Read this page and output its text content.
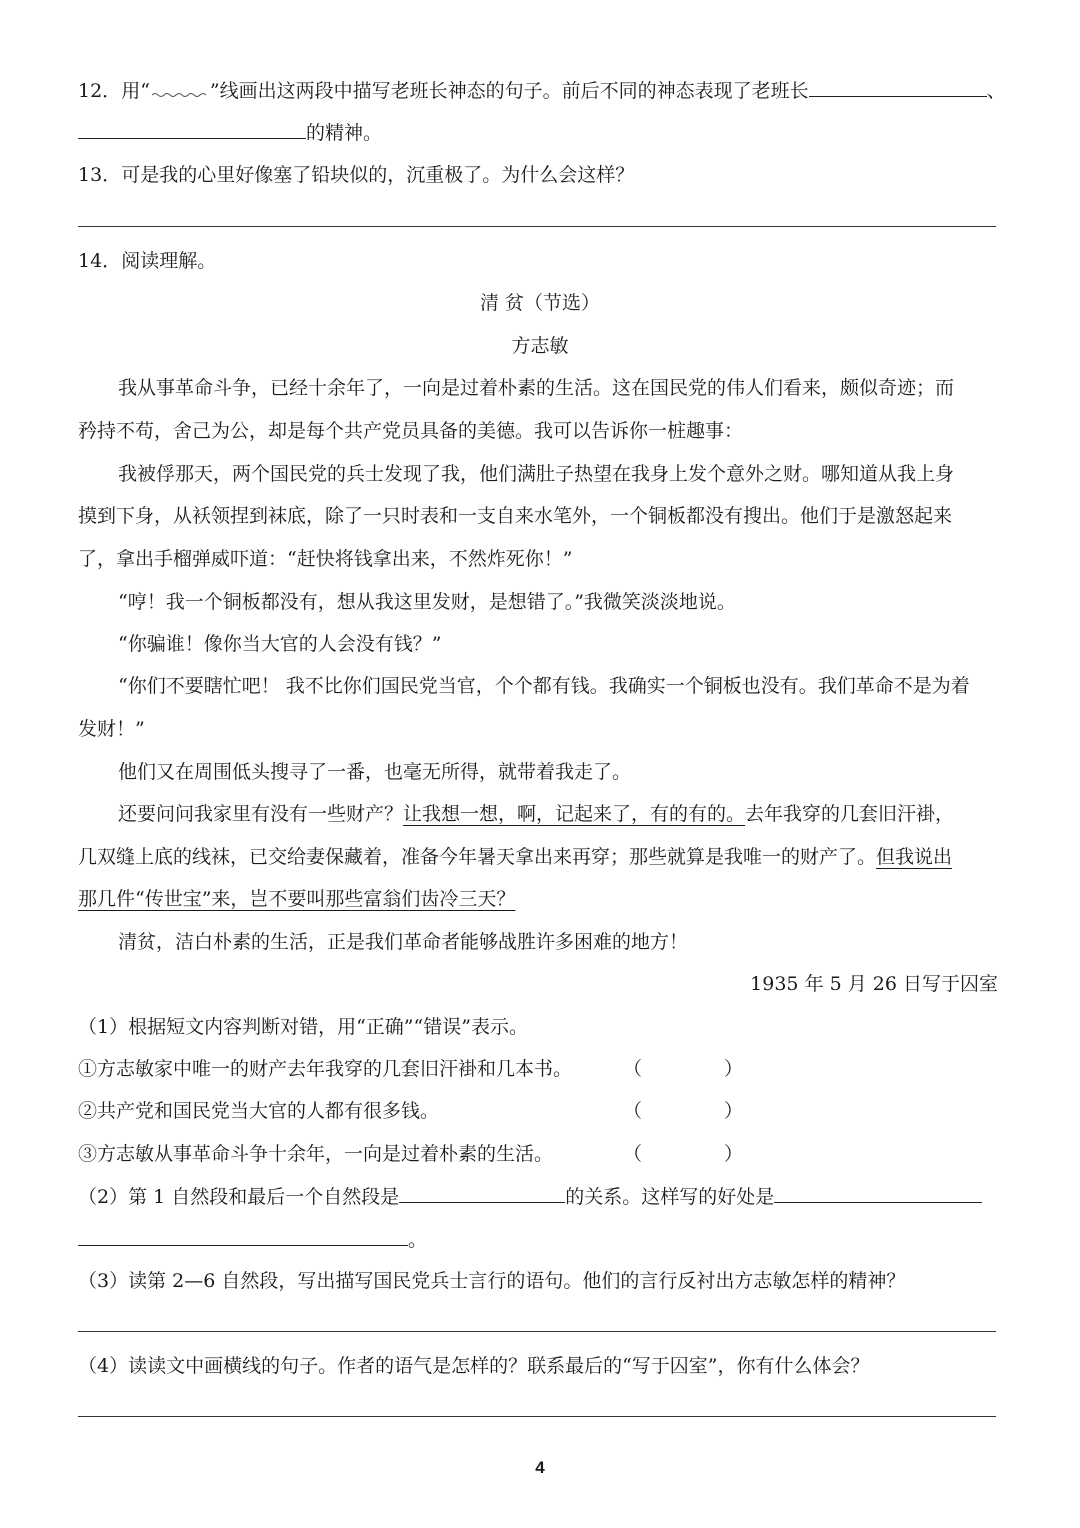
12．用“	”线画出这两段中描写老班长神态的句子。前后不同的神态表现了老班长	、
的精神。
13．可是我的心里好像塞了铅块似的，沉重极了。为什么会这样？
14．阅读理解。
清 贫（节选）
方志敏
我从事革命斗争，已经十余年了，一向是过着朴素的生活。这在国民党的伟人们看来，颇似奇迹；而
矜持不苟，舍己为公，却是每个共产党员具备的美德。我可以告诉你一桩趣事：
我被俘那天，两个国民党的兵士发现了我，他们满肚子热望在我身上发个意外之财。哪知道从我上身
摸到下身，从袄领捏到袜底，除了一只时表和一支自来水笔外，一个铜板都没有搜出。他们于是激怒起来
了，拿出手榴弹威吓道：“赶快将钱拿出来，不然炸死你！”
“哼！我一个铜板都没有，想从我这里发财，是想错了。”我微笑淡淡地说。
“你骗谁！像你当大官的人会没有钱？”
“你们不要瞎忙吧！ 我不比你们国民党当官，个个都有钱。我确实一个铜板也没有。我们革命不是为着
发财！”
他们又在周围低头搜寻了一番，也毫无所得，就带着我走了。
还要问问我家里有没有一些财产？让我想一想，啊，记起来了，有的有的。去年我穿的几套旧汗褂，
几双缝上底的线袜，已交给妻保藏着，准备今年暑天拿出来再穿；那些就算是我唯一的财产了。但我说出
那几件“传世宝”来，岂不要叫那些富翁们齿冷三天？
清贫，洁白朴素的生活，正是我们革命者能够战胜许多困难的地方！
1935 年 5 月 26 日写于囚室
（1）根据短文内容判断对错，用“正确”“错误”表示。
①方志敏家中唯一的财产去年我穿的几套旧汗褂和几本书。	（	）
②共产党和国民党当大官的人都有很多钱。	（	）
③方志敏从事革命斗争十余年，一向是过着朴素的生活。	（	）
（2）第 1 自然段和最后一个自然段是	的关系。这样写的好处是
。
（3）读第 2—6 自然段，写出描写国民党兵士言行的语句。他们的言行反衬出方志敏怎样的精神？
（4）读读文中画横线的句子。作者的语气是怎样的？联系最后的“写于囚室”，你有什么体会？
4
